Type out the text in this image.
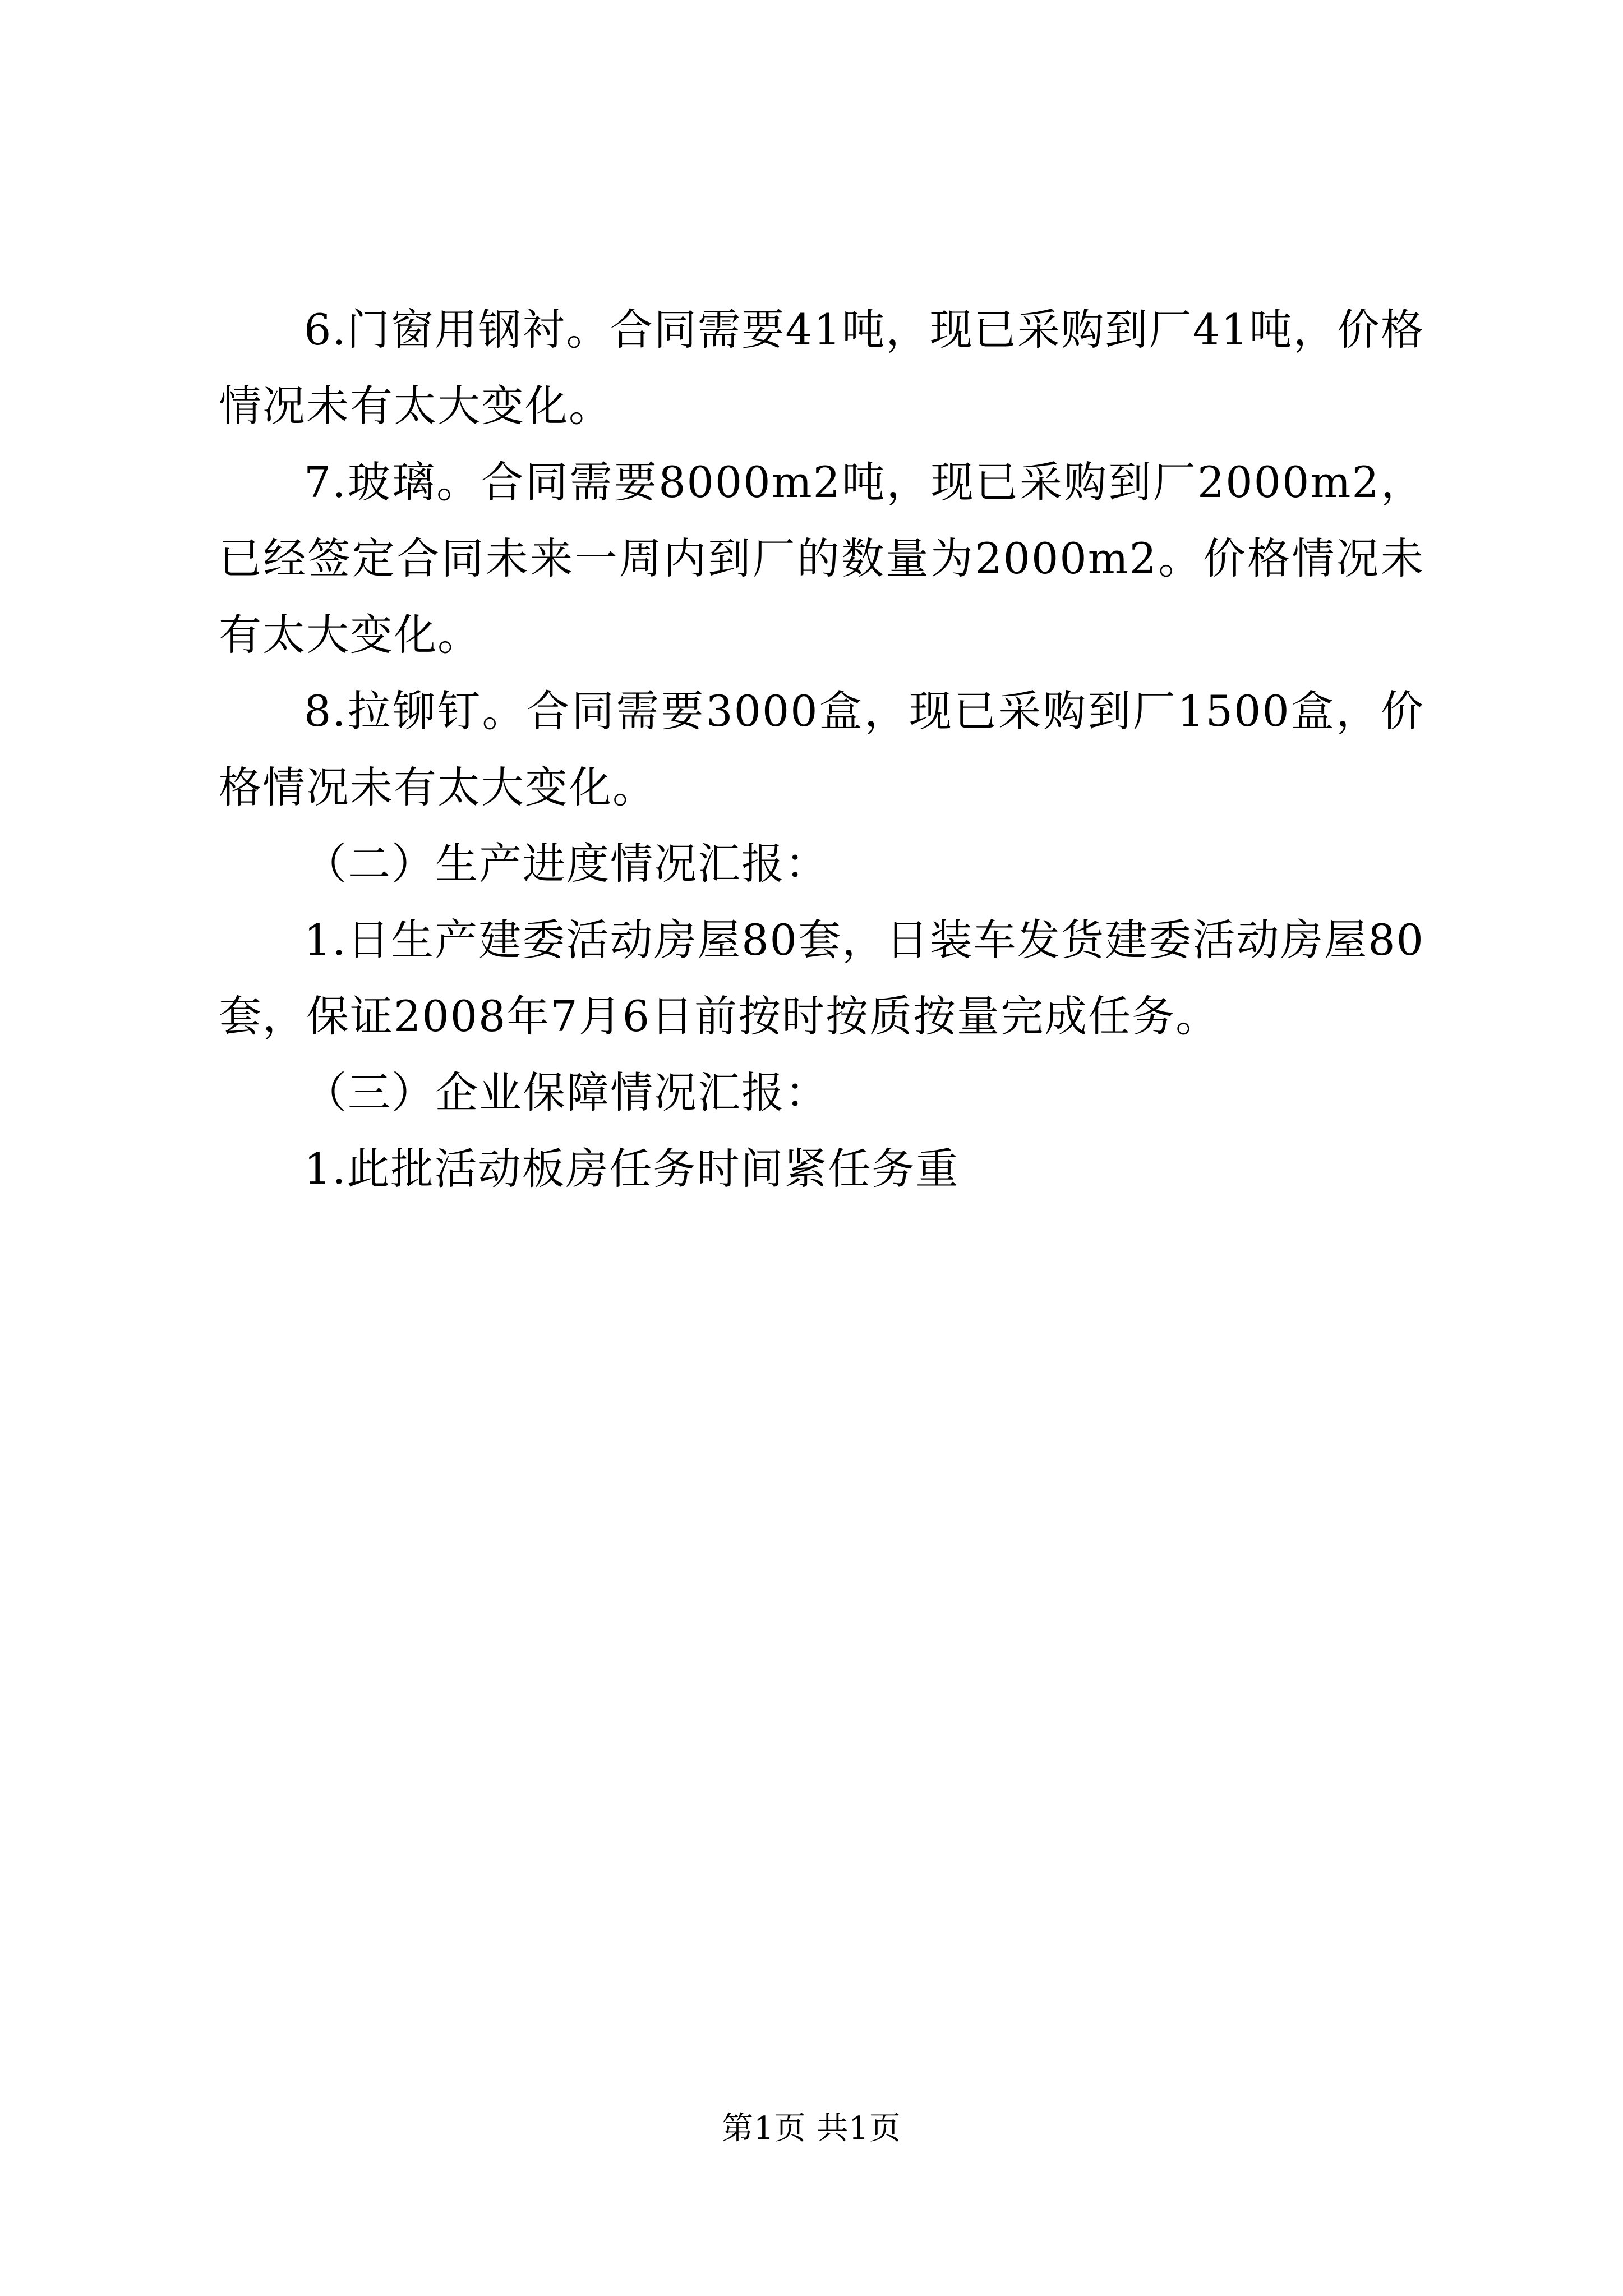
6.门窗用钢衬。合同需要41吨，现已采购到厂41吨，价格情况未有太大变化。

7.玻璃。合同需要8000m2吨，现已采购到厂2000m2，已经签定合同未来一周内到厂的数量为2000m2。价格情况未有太大变化。

8.拉铆钉。合同需要3000盒，现已采购到厂1500盒，价格情况未有太大变化。

（二）生产进度情况汇报：

1.日生产建委活动房屋80套，日装车发货建委活动房屋80套，保证2008年7月6日前按时按质按量完成任务。

（三）企业保障情况汇报：

1.此批活动板房任务时间紧任务重

第1页 共1页
